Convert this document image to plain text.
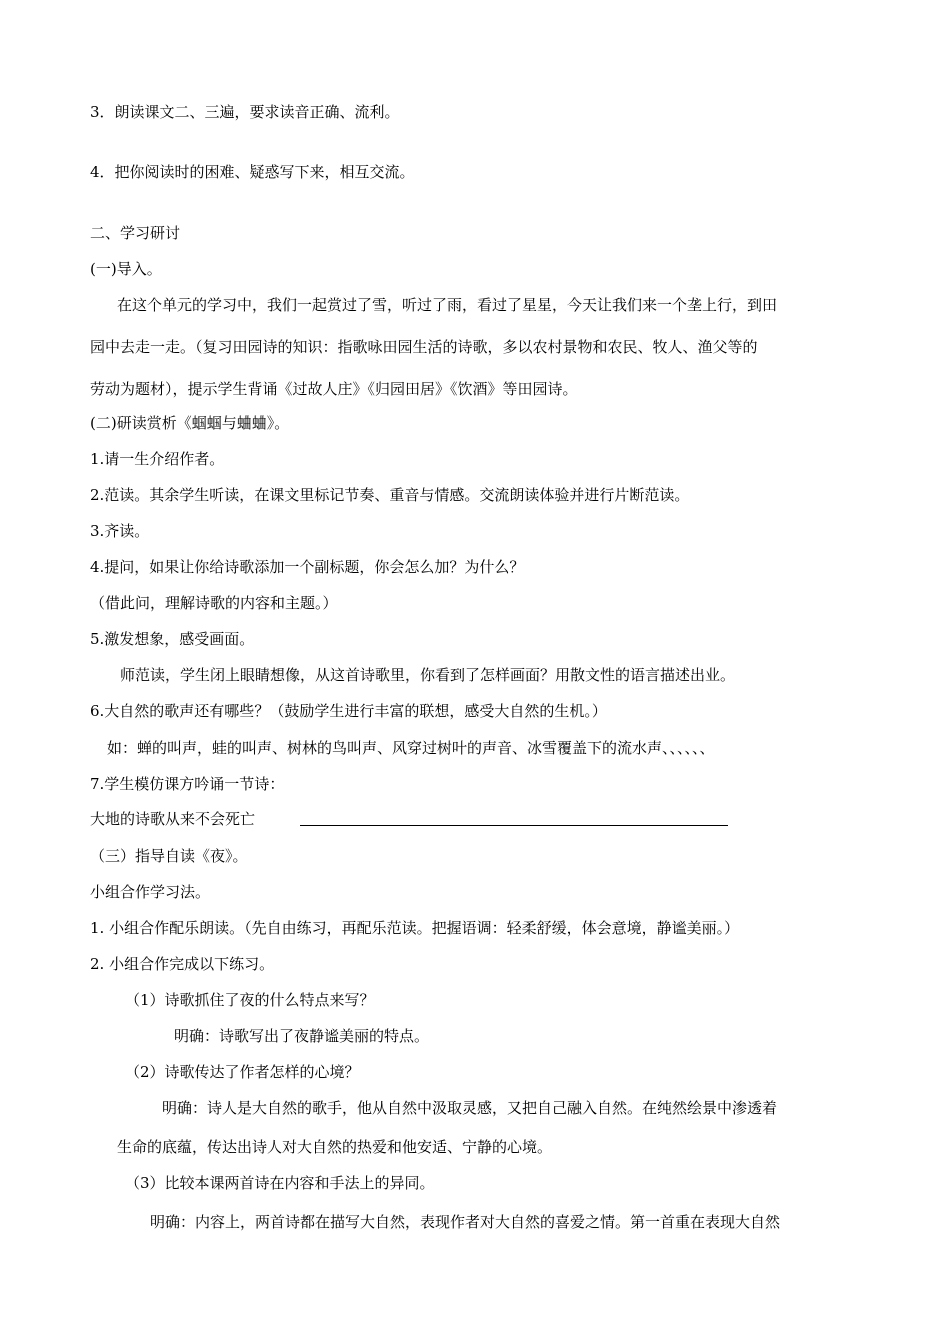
3．朗读课文二、三遍，要求读音正确、流利。
4．把你阅读时的困难、疑惑写下来，相互交流。
二、学习研讨
(一)导入。
在这个单元的学习中，我们一起赏过了雪，听过了雨，看过了星星，今天让我们来一个垄上行，到田
园中去走一走。（复习田园诗的知识：指歌咏田园生活的诗歌，多以农村景物和农民、牧人、渔父等的
劳动为题材），提示学生背诵《过故人庄》《归园田居》《饮酒》等田园诗。
(二)研读赏析《蝈蝈与蛐蛐》。
1.请一生介绍作者。
2.范读。其余学生听读，在课文里标记节奏、重音与情感。交流朗读体验并进行片断范读。
3.齐读。
4.提问，如果让你给诗歌添加一个副标题，你会怎么加？为什么？
（借此问，理解诗歌的内容和主题。）
5.激发想象，感受画面。
师范读，学生闭上眼睛想像，从这首诗歌里，你看到了怎样画面？用散文性的语言描述出业。
6.大自然的歌声还有哪些？（鼓励学生进行丰富的联想，感受大自然的生机。）
如：蝉的叫声，蛙的叫声、树林的鸟叫声、风穿过树叶的声音、冰雪覆盖下的流水声、、、、、、
7.学生模仿课方吟诵一节诗：
大地的诗歌从来不会死亡
（三）指导自读《夜》。
小组合作学习法。
1. 小组合作配乐朗读。（先自由练习，再配乐范读。把握语调：轻柔舒缓，体会意境，静谧美丽。）
2. 小组合作完成以下练习。
（1）诗歌抓住了夜的什么特点来写？
明确：诗歌写出了夜静谧美丽的特点。
（2）诗歌传达了作者怎样的心境？
明确：诗人是大自然的歌手，他从自然中汲取灵感，又把自己融入自然。在纯然绘景中渗透着
生命的底蕴，传达出诗人对大自然的热爱和他安适、宁静的心境。
（3）比较本课两首诗在内容和手法上的异同。
明确：内容上，两首诗都在描写大自然，表现作者对大自然的喜爱之情。第一首重在表现大自然
